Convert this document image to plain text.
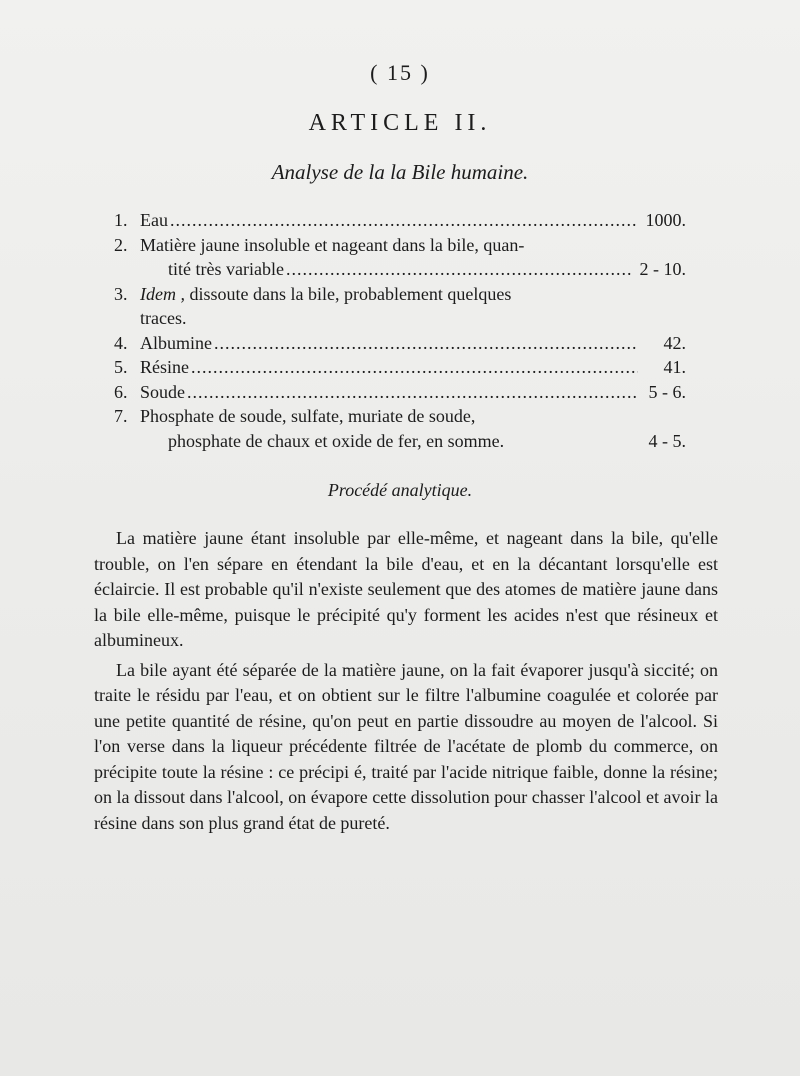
( 15 )
ARTICLE II.
Analyse de la la Bile humaine.
1. Eau .....	1000.
2. Matière jaune insoluble et nageant dans la bile, quan-
tité très variable .....	2 - 10.
3. Idem , dissoute dans la bile, probablement quelques
traces.
4. Albumine .....	42.
5. Résine .....	41.
6. Soude .....	5 - 6.
7. Phosphate de soude, sulfate, muriate de soude,
phosphate de chaux et oxide de fer, en somme.	4 - 5.
Procédé analytique.

La matière jaune étant insoluble par elle-même, et nageant dans la bile, qu'elle trouble, on l'en sépare en étendant la bile d'eau, et en la décantant lorsqu'elle est éclaircie. Il est probable qu'il n'existe seulement que des atomes de matière jaune dans la bile elle-même, puisque le précipité qu'y forment les acides n'est que résineux et albumineux.

La bile ayant été séparée de la matière jaune, on la fait évaporer jusqu'à siccité; on traite le résidu par l'eau, et on obtient sur le filtre l'albumine coagulée et colorée par une petite quantité de résine, qu'on peut en partie dissoudre au moyen de l'alcool. Si l'on verse dans la liqueur précédente filtrée de l'acétate de plomb du commerce, on précipite toute la résine : ce précipi é, traité par l'acide nitrique faible, donne la résine; on la dissout dans l'alcool, on évapore cette dissolution pour chasser l'alcool et avoir la résine dans son plus grand état de pureté.
